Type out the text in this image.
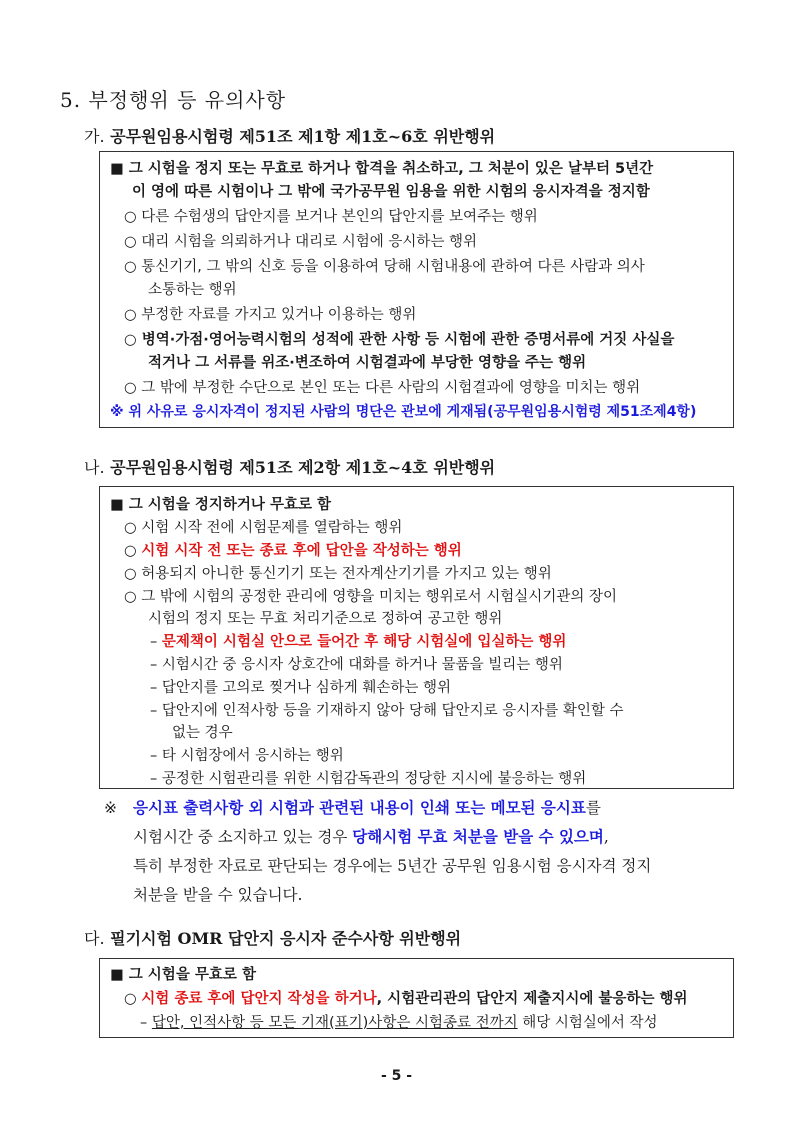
5. 부정행위 등 유의사항
가. 공무원임용시험령 제51조 제1항 제1호~6호 위반행위
■ 그 시험을 정지 또는 무효로 하거나 합격을 취소하고, 그 처분이 있은 날부터 5년간
이 영에 따른 시험이나 그 밖에 국가공무원 임용을 위한 시험의 응시자격을 정지함
○ 다른 수험생의 답안지를 보거나 본인의 답안지를 보여주는 행위
○ 대리 시험을 의뢰하거나 대리로 시험에 응시하는 행위
○ 통신기기, 그 밖의 신호 등을 이용하여 당해 시험내용에 관하여 다른 사람과 의사
소통하는 행위
○ 부정한 자료를 가지고 있거나 이용하는 행위
○ 병역·가점·영어능력시험의 성적에 관한 사항 등 시험에 관한 증명서류에 거짓 사실을
적거나 그 서류를 위조·변조하여 시험결과에 부당한 영향을 주는 행위
○ 그 밖에 부정한 수단으로 본인 또는 다른 사람의 시험결과에 영향을 미치는 행위
※ 위 사유로 응시자격이 정지된 사람의 명단은 관보에 게재됨(공무원임용시험령 제51조제4항)
나. 공무원임용시험령 제51조 제2항 제1호~4호 위반행위
■ 그 시험을 정지하거나 무효로 함
○ 시험 시작 전에 시험문제를 열람하는 행위
○ 시험 시작 전 또는 종료 후에 답안을 작성하는 행위
○ 허용되지 아니한 통신기기 또는 전자계산기기를 가지고 있는 행위
○ 그 밖에 시험의 공정한 관리에 영향을 미치는 행위로서 시험실시기관의 장이
시험의 정지 또는 무효 처리기준으로 정하여 공고한 행위
– 문제책이 시험실 안으로 들어간 후 해당 시험실에 입실하는 행위
– 시험시간 중 응시자 상호간에 대화를 하거나 물품을 빌리는 행위
– 답안지를 고의로 찢거나 심하게 훼손하는 행위
– 답안지에 인적사항 등을 기재하지 않아 당해 답안지로 응시자를 확인할 수
없는 경우
– 타 시험장에서 응시하는 행위
– 공정한 시험관리를 위한 시험감독관의 정당한 지시에 불응하는 행위
※ 응시표 출력사항 외 시험과 관련된 내용이 인쇄 또는 메모된 응시표를
시험시간 중 소지하고 있는 경우 당해시험 무효 처분을 받을 수 있으며,
특히 부정한 자료로 판단되는 경우에는 5년간 공무원 임용시험 응시자격 정지
처분을 받을 수 있습니다.
다. 필기시험 OMR 답안지 응시자 준수사항 위반행위
■ 그 시험을 무효로 함
○ 시험 종료 후에 답안지 작성을 하거나, 시험관리관의 답안지 제출지시에 불응하는 행위
– 답안, 인적사항 등 모든 기재(표기)사항은 시험종료 전까지 해당 시험실에서 작성
- 5 -
